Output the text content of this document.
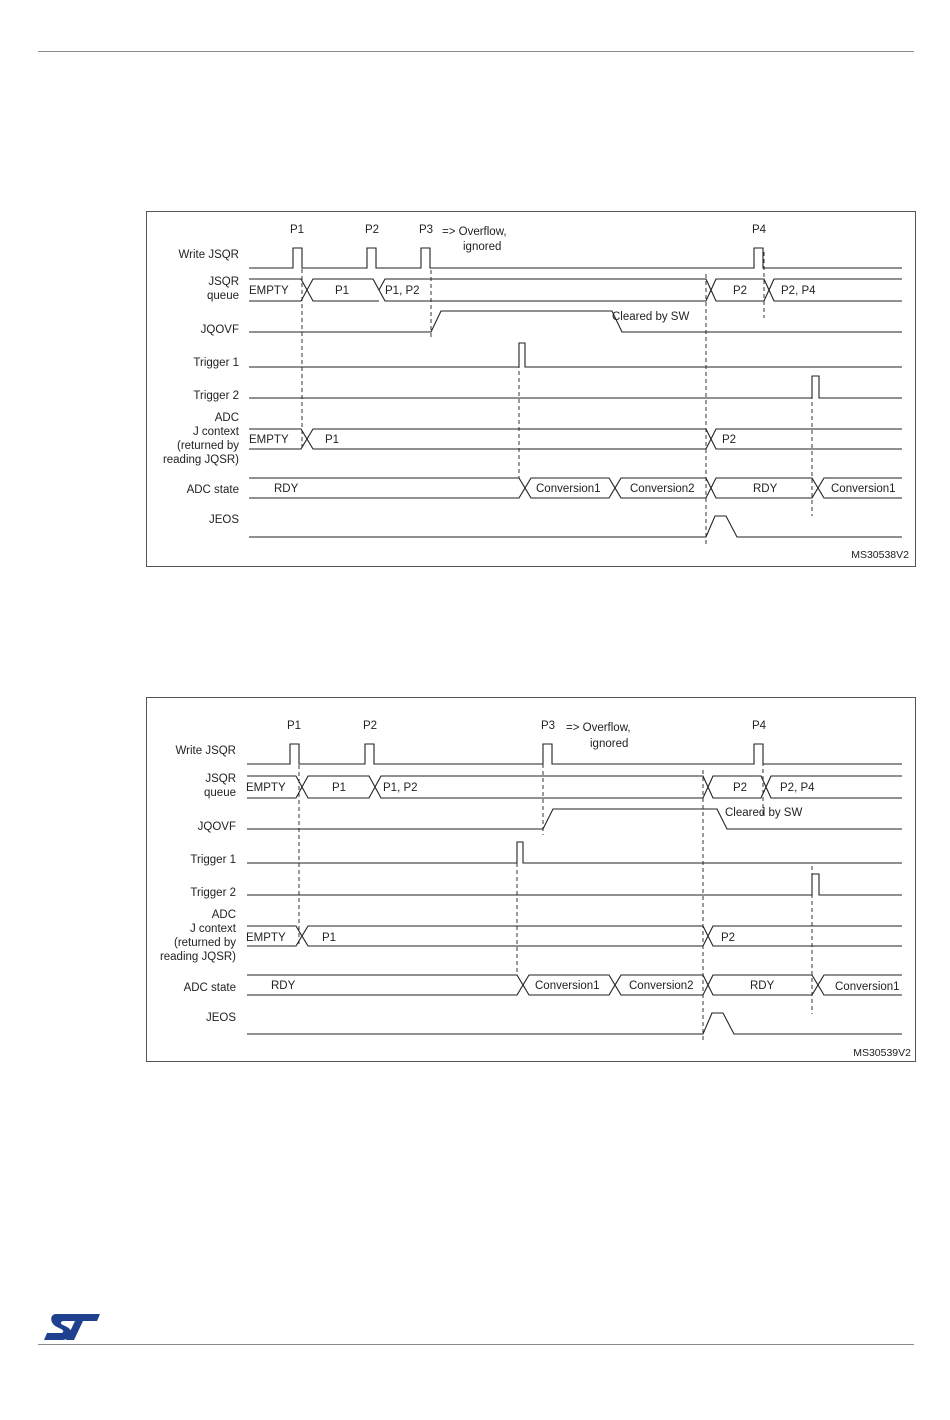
Write JSQR
JSQR
queue
JQOVF
Trigger 1
Trigger 2
ADC
J context
(returned by
reading JQSR)
ADC state
JEOS
P1	P2	P3	P4
=> Overflow,
ignored
Cleared by SW
EMPTY	P1	P1, P2	P2	P2, P4
EMPTY	P1	P2
RDY	Conversion1	Conversion2	RDY	Conversion1
MS30538V2
Write JSQR
JSQR
queue
JQOVF
Trigger 1
Trigger 2
ADC
J context
(returned by
reading JQSR)
ADC state
JEOS
P1	P2	P3	P4
=> Overflow,
ignored
Cleared by SW
EMPTY	P1	P1, P2	P2	P2, P4
EMPTY	P1	P2
RDY	Conversion1	Conversion2	RDY	Conversion1
MS30539V2
